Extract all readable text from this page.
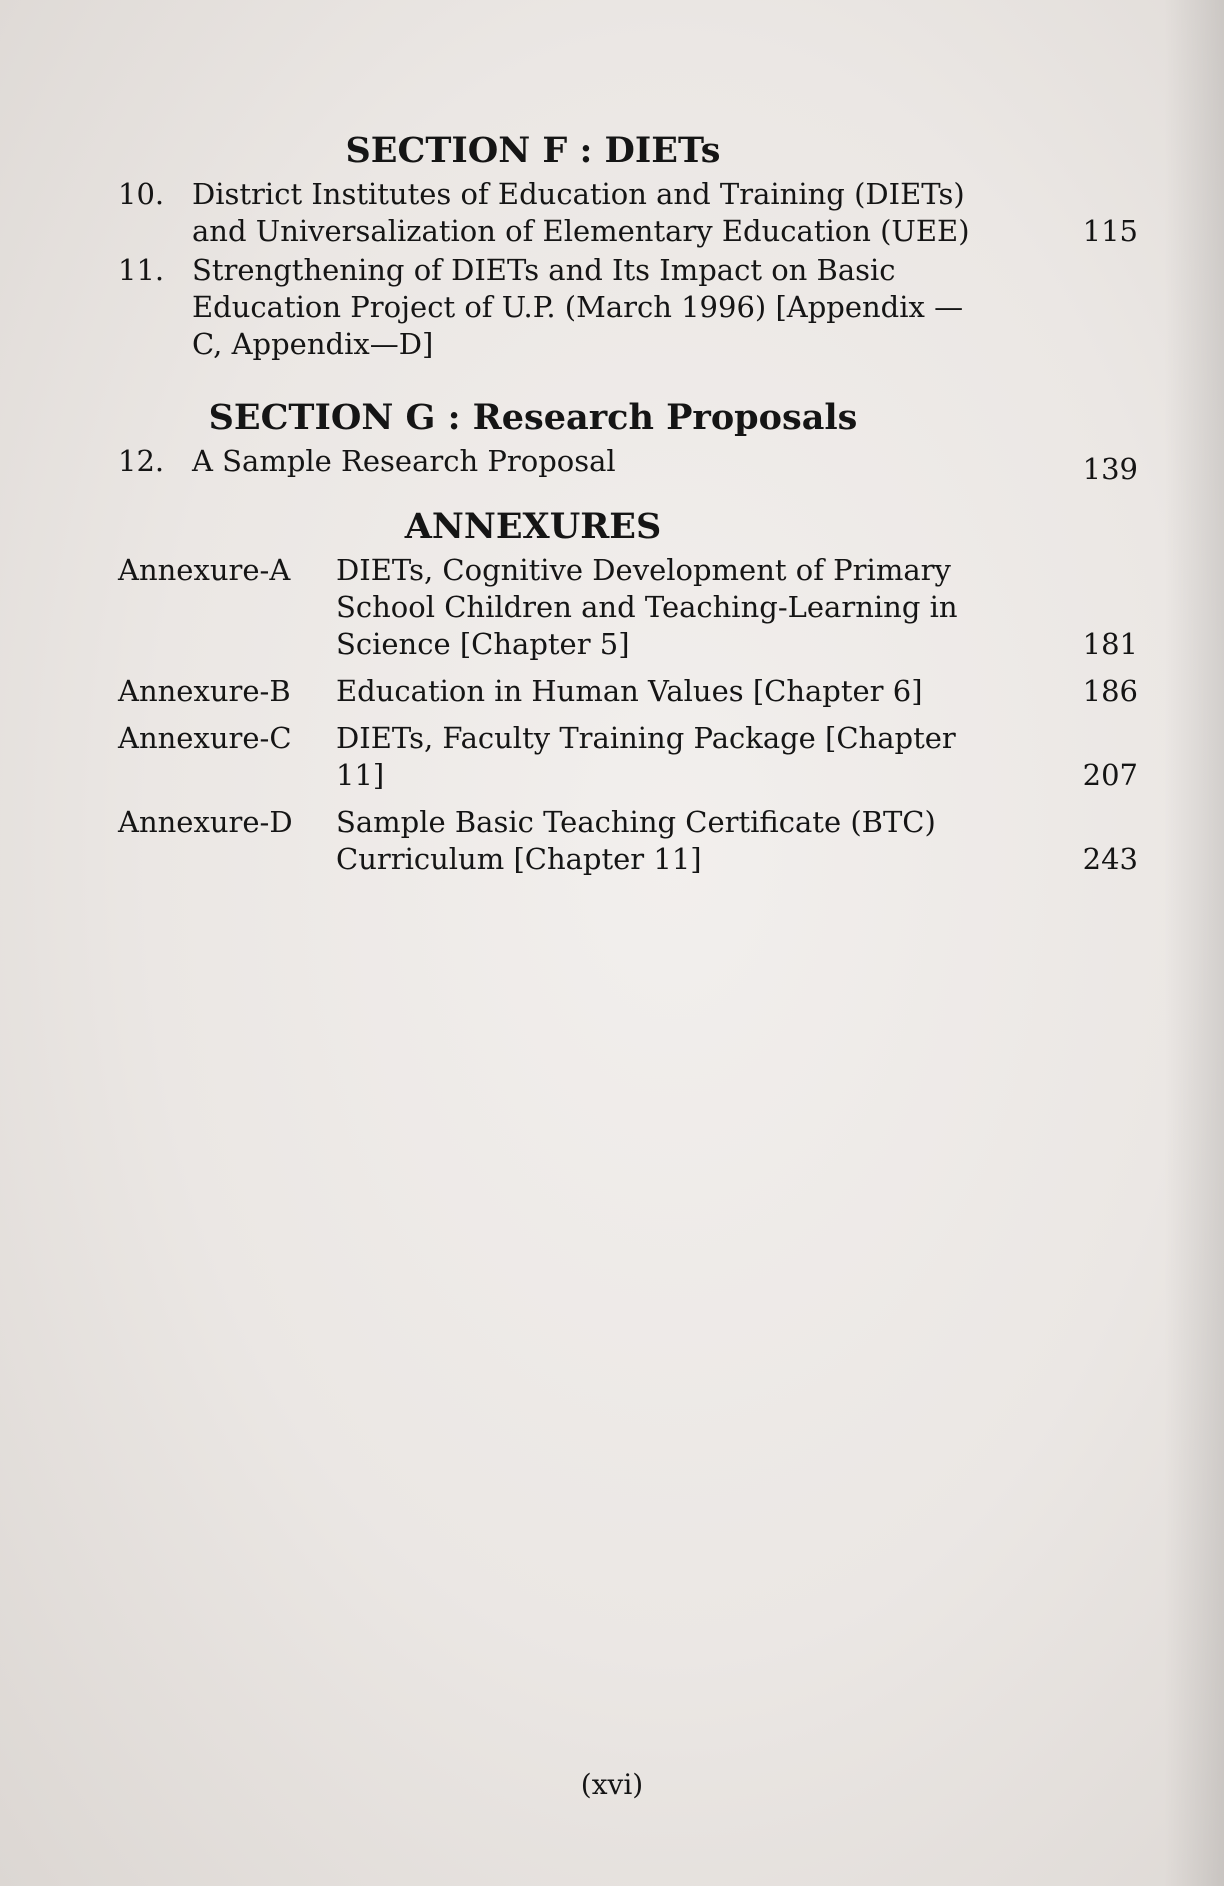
SECTION F : DIETs
10. District Institutes of Education and Training (DIETs) and Universalization of Elementary Education (UEE)	115
11. Strengthening of DIETs and Its Impact on Basic Education Project of U.P. (March 1996) [Appendix — C, Appendix—D]
SECTION G : Research Proposals
12. A Sample Research Proposal	139
ANNEXURES
Annexure-A	DIETs, Cognitive Development of Primary School Children and Teaching-Learning in Science [Chapter 5]	181
Annexure-B	Education in Human Values [Chapter 6]	186
Annexure-C	DIETs, Faculty Training Package [Chapter 11]	207
Annexure-D	Sample Basic Teaching Certificate (BTC) Curriculum [Chapter 11]	243
(xvi)
